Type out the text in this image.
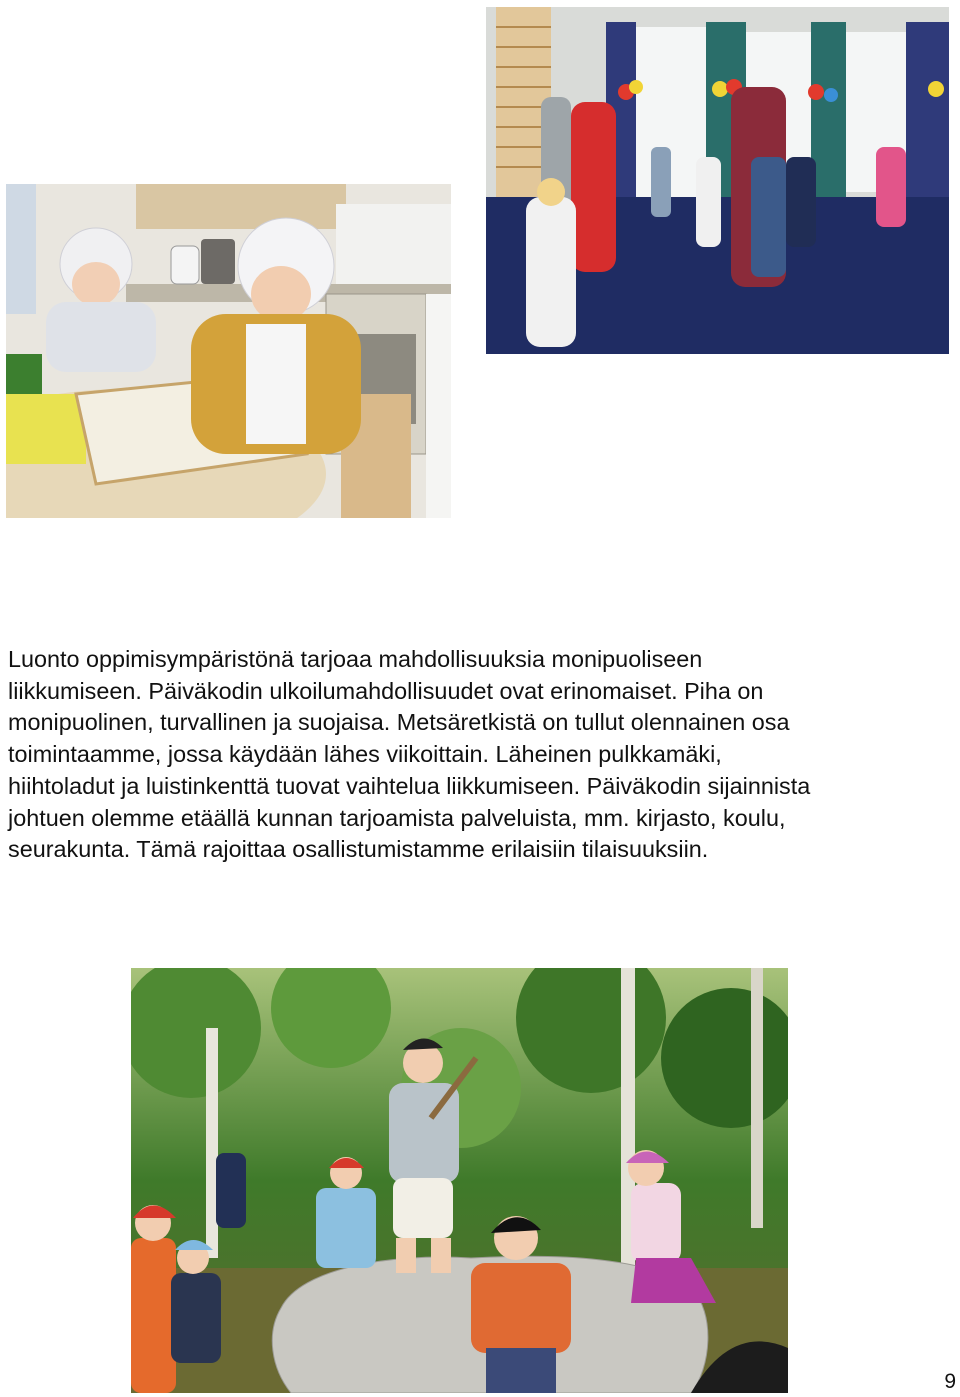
Luonto oppimisympäristönä tarjoaa mahdollisuuksia monipuoliseen
liikkumiseen. Päiväkodin ulkoilumahdollisuudet ovat erinomaiset. Piha on
monipuolinen, turvallinen ja suojaisa. Metsäretkistä on tullut olennainen osa
toimintaamme, jossa käydään lähes viikoittain. Läheinen pulkkamäki,
hiihtoladut ja luistinkenttä tuovat vaihtelua liikkumiseen. Päiväkodin sijainnista
johtuen olemme etäällä kunnan tarjoamista palveluista, mm. kirjasto, koulu,
seurakunta. Tämä rajoittaa osallistumistamme erilaisiin tilaisuuksiin.
9
